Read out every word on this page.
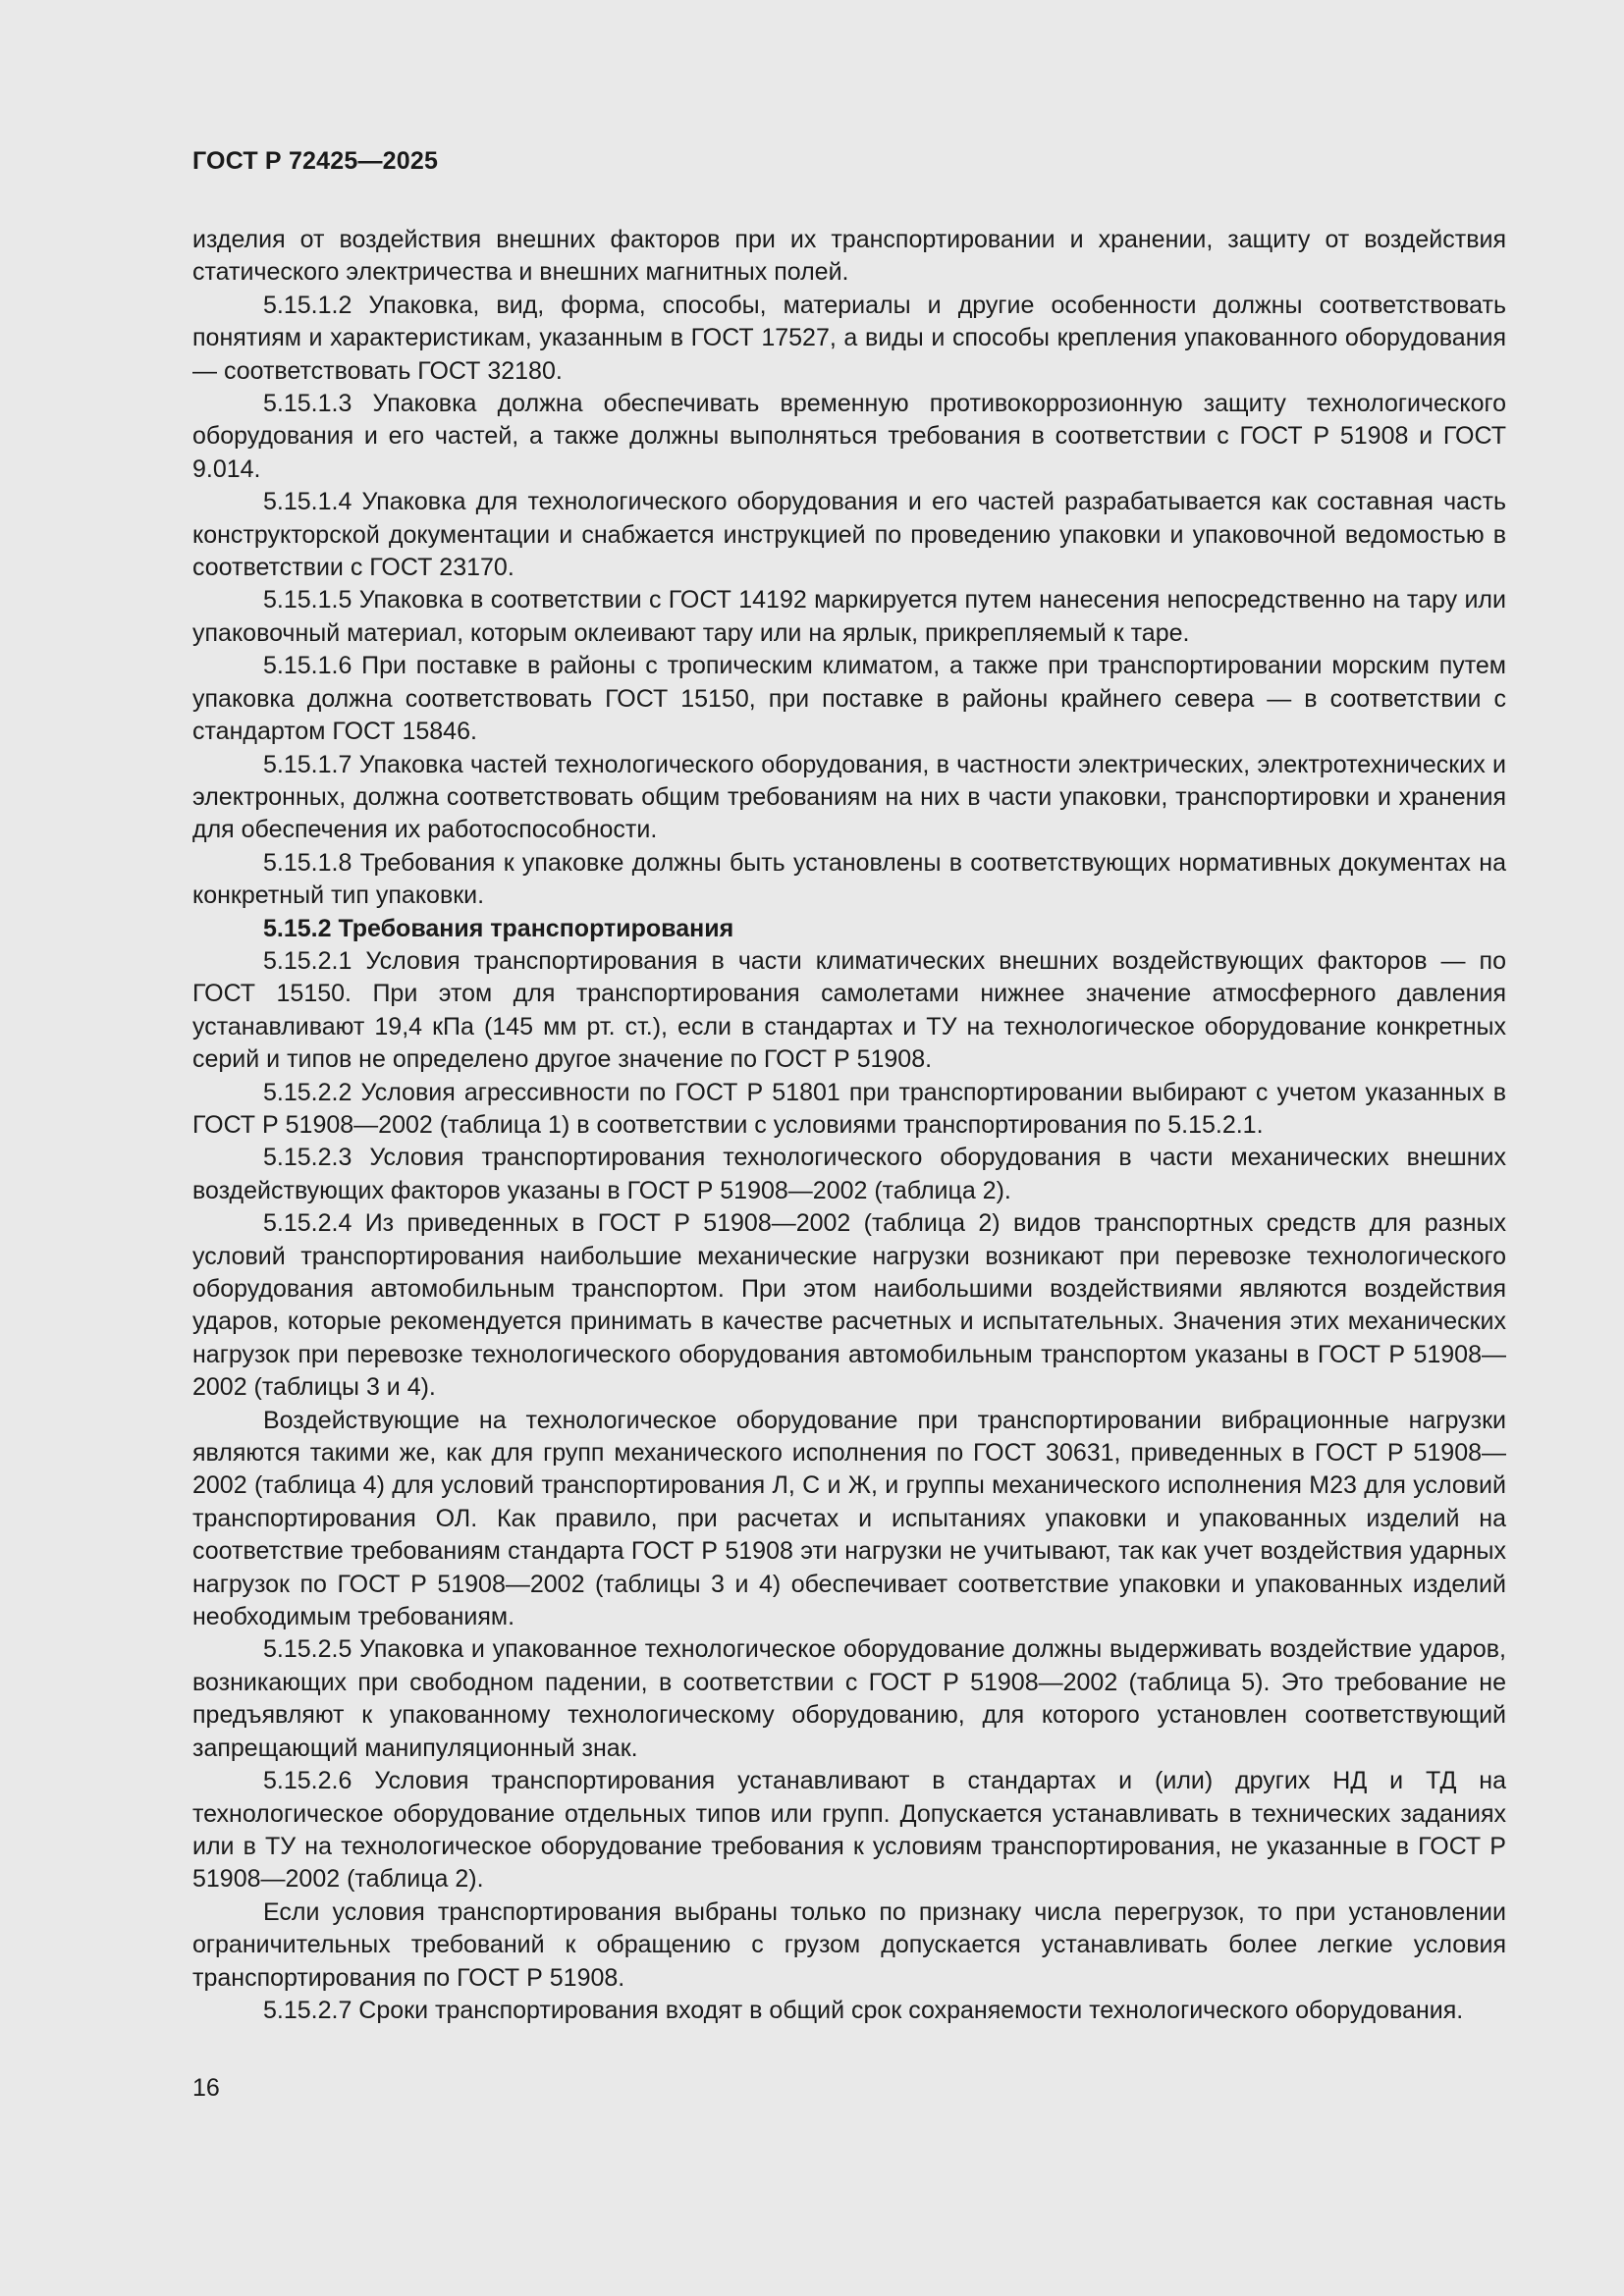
ГОСТ Р 72425—2025

изделия от воздействия внешних факторов при их транспортировании и хранении, защиту от воздействия статического электричества и внешних магнитных полей.

5.15.1.2 Упаковка, вид, форма, способы, материалы и другие особенности должны соответствовать понятиям и характеристикам, указанным в ГОСТ 17527, а виды и способы крепления упакованного оборудования — соответствовать ГОСТ 32180.

5.15.1.3 Упаковка должна обеспечивать временную противокоррозионную защиту технологического оборудования и его частей, а также должны выполняться требования в соответствии с ГОСТ Р 51908 и ГОСТ 9.014.

5.15.1.4 Упаковка для технологического оборудования и его частей разрабатывается как составная часть конструкторской документации и снабжается инструкцией по проведению упаковки и упаковочной ведомостью в соответствии с ГОСТ 23170.

5.15.1.5 Упаковка в соответствии с ГОСТ 14192 маркируется путем нанесения непосредственно на тару или упаковочный материал, которым оклеивают тару или на ярлык, прикрепляемый к таре.

5.15.1.6 При поставке в районы с тропическим климатом, а также при транспортировании морским путем упаковка должна соответствовать ГОСТ 15150, при поставке в районы крайнего севера — в соответствии с стандартом ГОСТ 15846.

5.15.1.7 Упаковка частей технологического оборудования, в частности электрических, электротехнических и электронных, должна соответствовать общим требованиям на них в части упаковки, транспортировки и хранения для обеспечения их работоспособности.

5.15.1.8 Требования к упаковке должны быть установлены в соответствующих нормативных документах на конкретный тип упаковки.

5.15.2 Требования транспортирования

5.15.2.1 Условия транспортирования в части климатических внешних воздействующих факторов — по ГОСТ 15150. При этом для транспортирования самолетами нижнее значение атмосферного давления устанавливают 19,4 кПа (145 мм рт. ст.), если в стандартах и ТУ на технологическое оборудование конкретных серий и типов не определено другое значение по ГОСТ Р 51908.

5.15.2.2 Условия агрессивности по ГОСТ Р 51801 при транспортировании выбирают с учетом указанных в ГОСТ Р 51908—2002 (таблица 1) в соответствии с условиями транспортирования по 5.15.2.1.

5.15.2.3 Условия транспортирования технологического оборудования в части механических внешних воздействующих факторов указаны в ГОСТ Р 51908—2002 (таблица 2).

5.15.2.4 Из приведенных в ГОСТ Р 51908—2002 (таблица 2) видов транспортных средств для разных условий транспортирования наибольшие механические нагрузки возникают при перевозке технологического оборудования автомобильным транспортом. При этом наибольшими воздействиями являются воздействия ударов, которые рекомендуется принимать в качестве расчетных и испытательных. Значения этих механических нагрузок при перевозке технологического оборудования автомобильным транспортом указаны в ГОСТ Р 51908—2002 (таблицы 3 и 4).

Воздействующие на технологическое оборудование при транспортировании вибрационные нагрузки являются такими же, как для групп механического исполнения по ГОСТ 30631, приведенных в ГОСТ Р 51908—2002 (таблица 4) для условий транспортирования Л, С и Ж, и группы механического исполнения М23 для условий транспортирования ОЛ. Как правило, при расчетах и испытаниях упаковки и упакованных изделий на соответствие требованиям стандарта ГОСТ Р 51908 эти нагрузки не учитывают, так как учет воздействия ударных нагрузок по ГОСТ Р 51908—2002 (таблицы 3 и 4) обеспечивает соответствие упаковки и упакованных изделий необходимым требованиям.

5.15.2.5 Упаковка и упакованное технологическое оборудование должны выдерживать воздействие ударов, возникающих при свободном падении, в соответствии с ГОСТ Р 51908—2002 (таблица 5). Это требование не предъявляют к упакованному технологическому оборудованию, для которого установлен соответствующий запрещающий манипуляционный знак.

5.15.2.6 Условия транспортирования устанавливают в стандартах и (или) других НД и ТД на технологическое оборудование отдельных типов или групп. Допускается устанавливать в технических заданиях или в ТУ на технологическое оборудование требования к условиям транспортирования, не указанные в ГОСТ Р 51908—2002 (таблица 2).

Если условия транспортирования выбраны только по признаку числа перегрузок, то при установлении ограничительных требований к обращению с грузом допускается устанавливать более легкие условия транспортирования по ГОСТ Р 51908.

5.15.2.7 Сроки транспортирования входят в общий срок сохраняемости технологического оборудования.

16
